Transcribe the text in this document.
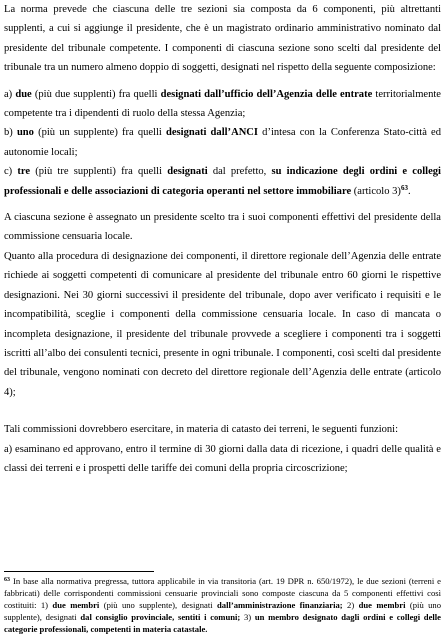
La norma prevede che ciascuna delle tre sezioni sia composta da 6 componenti, più altrettanti supplenti, a cui si aggiunge il presidente, che è un magistrato ordinario amministrativo nominato dal presidente del tribunale competente. I componenti di ciascuna sezione sono scelti dal presidente del tribunale tra un numero almeno doppio di soggetti, designati nel rispetto della seguente composizione:

a) due (più due supplenti) fra quelli designati dall’ufficio dell’Agenzia delle entrate territorialmente competente tra i dipendenti di ruolo della stessa Agenzia;

b) uno (più un supplente) fra quelli designati dall’ANCI d’intesa con la Conferenza Stato-città ed autonomie locali;

c) tre (più tre supplenti) fra quelli designati dal prefetto, su indicazione degli ordini e collegi professionali e delle associazioni di categoria operanti nel settore immobiliare (articolo 3)$^{63}$.

A ciascuna sezione è assegnato un presidente scelto tra i suoi componenti effettivi del presidente della commissione censuaria locale.

Quanto alla procedura di designazione dei componenti, il direttore regionale dell’Agenzia delle entrate richiede ai soggetti competenti di comunicare al presidente del tribunale entro 60 giorni le rispettive designazioni. Nei 30 giorni successivi il presidente del tribunale, dopo aver verificato i requisiti e le incompatibilità, sceglie i componenti della commissione censuaria locale. In caso di mancata o incompleta designazione, il presidente del tribunale provvede a scegliere i componenti tra i soggetti iscritti all’albo dei consulenti tecnici, presente in ogni tribunale. I componenti, così scelti dal presidente del tribunale, vengono nominati con decreto del direttore regionale dell’Agenzia delle entrate (articolo 4);

Tali commissioni dovrebbero esercitare, in materia di catasto dei terreni, le seguenti funzioni:

a) esaminano ed approvano, entro il termine di 30 giorni dalla data di ricezione, i quadri delle qualità e classi dei terreni e i prospetti delle tariffe dei comuni della propria circoscrizione;

$^{63}$ In base alla normativa pregressa, tuttora applicabile in via transitoria (art. 19 DPR n. 650/1972), le due sezioni (terreni e fabbricati) delle corrispondenti commissioni censuarie provinciali sono composte ciascuna da 5 componenti effettivi così costituiti: 1) due membri (più uno supplente), designati dall’amministrazione finanziaria; 2) due membri (più uno supplente), designati dal consiglio provinciale, sentiti i comuni; 3) un membro designato dagli ordini e collegi delle categorie professionali, competenti in materia catastale.
